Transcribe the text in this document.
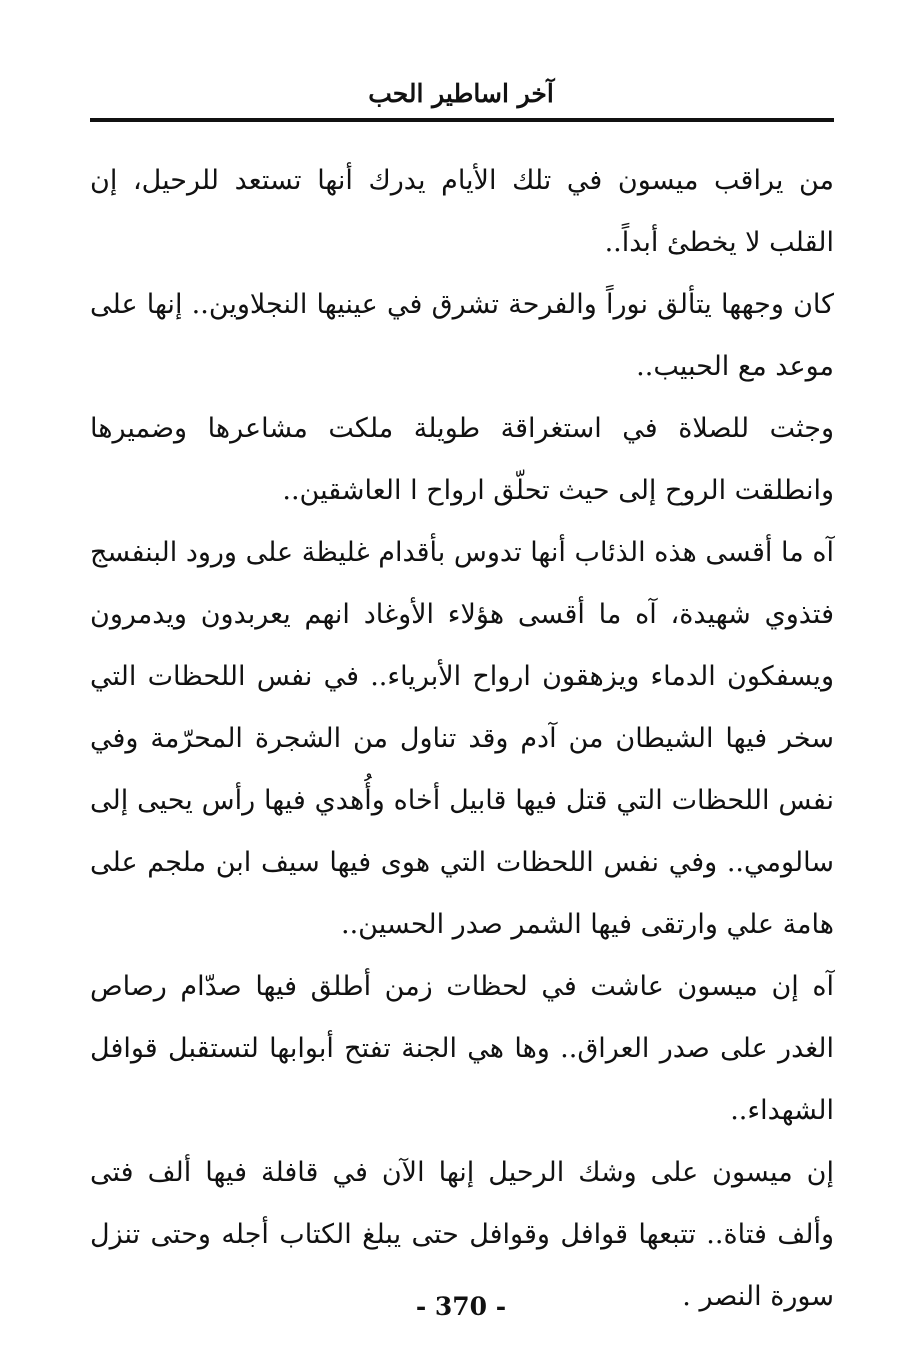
آخر اساطير الحب

من يراقب ميسون في تلك الأيام يدرك أنها تستعد للرحيل، إن القلب لا يخطئ أبداً..

كان وجهها يتألق نوراً والفرحة تشرق في عينيها النجلاوين.. إنها على موعد مع الحبيب..

وجثت للصلاة في استغراقة طويلة ملكت مشاعرها وضميرها وانطلقت الروح إلى حيث تحلّق ارواح ا العاشقين..

آه ما أقسى هذه الذئاب أنها تدوس بأقدام غليظة على ورود البنفسج فتذوي شهيدة، آه ما أقسى هؤلاء الأوغاد انهم يعربدون ويدمرون ويسفكون الدماء ويزهقون ارواح الأبرياء.. في نفس اللحظات التي سخر فيها الشيطان من آدم وقد تناول من الشجرة المحرّمة وفي نفس اللحظات التي قتل فيها قابيل أخاه وأُهدي فيها رأس يحيى إلى سالومي.. وفي نفس اللحظات التي هوى فيها سيف ابن ملجم على هامة علي وارتقى فيها الشمر صدر الحسين..

آه إن ميسون عاشت في لحظات زمن أطلق فيها صدّام رصاص الغدر على صدر العراق.. وها هي الجنة تفتح أبوابها لتستقبل قوافل الشهداء..

إن ميسون على وشك الرحيل إنها الآن في قافلة فيها ألف فتى وألف فتاة.. تتبعها قوافل وقوافل حتى يبلغ الكتاب أجله وحتى تنزل سورة النصر .

- 370 -
